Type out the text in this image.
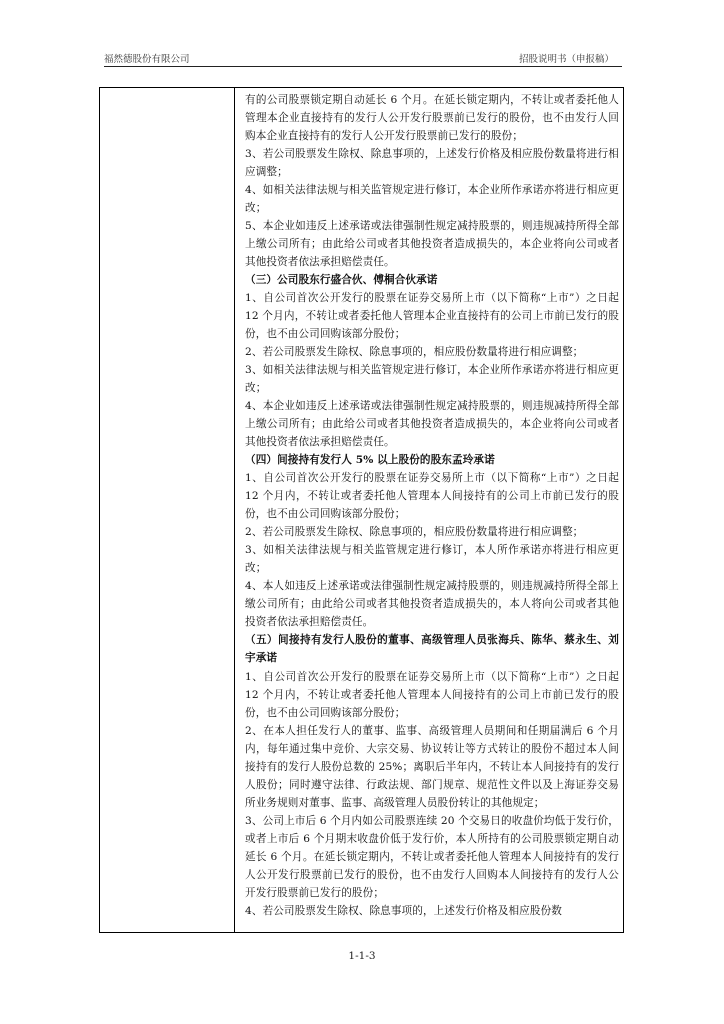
福然德股份有限公司	招股说明书（申报稿）

有的公司股票锁定期自动延长 6 个月。在延长锁定期内，不转让或者委托他人管理本企业直接持有的发行人公开发行股票前已发行的股份，也不由发行人回购本企业直接持有的发行人公开发行股票前已发行的股份；

3、若公司股票发生除权、除息事项的，上述发行价格及相应股份数量将进行相应调整；

4、如相关法律法规与相关监管规定进行修订，本企业所作承诺亦将进行相应更改；

5、本企业如违反上述承诺或法律强制性规定减持股票的，则违规减持所得全部上缴公司所有；由此给公司或者其他投资者造成损失的，本企业将向公司或者其他投资者依法承担赔偿责任。

（三）公司股东行盛合伙、傅桐合伙承诺

1、自公司首次公开发行的股票在证券交易所上市（以下简称“上市”）之日起 12 个月内，不转让或者委托他人管理本企业直接持有的公司上市前已发行的股份，也不由公司回购该部分股份；

2、若公司股票发生除权、除息事项的，相应股份数量将进行相应调整；

3、如相关法律法规与相关监管规定进行修订，本企业所作承诺亦将进行相应更改；

4、本企业如违反上述承诺或法律强制性规定减持股票的，则违规减持所得全部上缴公司所有；由此给公司或者其他投资者造成损失的，本企业将向公司或者其他投资者依法承担赔偿责任。

（四）间接持有发行人 5% 以上股份的股东孟玲承诺

1、自公司首次公开发行的股票在证券交易所上市（以下简称“上市”）之日起 12 个月内，不转让或者委托他人管理本人间接持有的公司上市前已发行的股份，也不由公司回购该部分股份；

2、若公司股票发生除权、除息事项的，相应股份数量将进行相应调整；

3、如相关法律法规与相关监管规定进行修订，本人所作承诺亦将进行相应更改；

4、本人如违反上述承诺或法律强制性规定减持股票的，则违规减持所得全部上缴公司所有；由此给公司或者其他投资者造成损失的，本人将向公司或者其他投资者依法承担赔偿责任。

（五）间接持有发行人股份的董事、高级管理人员张海兵、陈华、蔡永生、刘宇承诺

1、自公司首次公开发行的股票在证券交易所上市（以下简称“上市”）之日起 12 个月内，不转让或者委托他人管理本人间接持有的公司上市前已发行的股份，也不由公司回购该部分股份；

2、在本人担任发行人的董事、监事、高级管理人员期间和任期届满后 6 个月内，每年通过集中竞价、大宗交易、协议转让等方式转让的股份不超过本人间接持有的发行人股份总数的 25%；离职后半年内，不转让本人间接持有的发行人股份；同时遵守法律、行政法规、部门规章、规范性文件以及上海证券交易所业务规则对董事、监事、高级管理人员股份转让的其他规定；

3、公司上市后 6 个月内如公司股票连续 20 个交易日的收盘价均低于发行价，或者上市后 6 个月期末收盘价低于发行价，本人所持有的公司股票锁定期自动延长 6 个月。在延长锁定期内，不转让或者委托他人管理本人间接持有的发行人公开发行股票前已发行的股份，也不由发行人回购本人间接持有的发行人公开发行股票前已发行的股份；

4、若公司股票发生除权、除息事项的，上述发行价格及相应股份数

1-1-3
